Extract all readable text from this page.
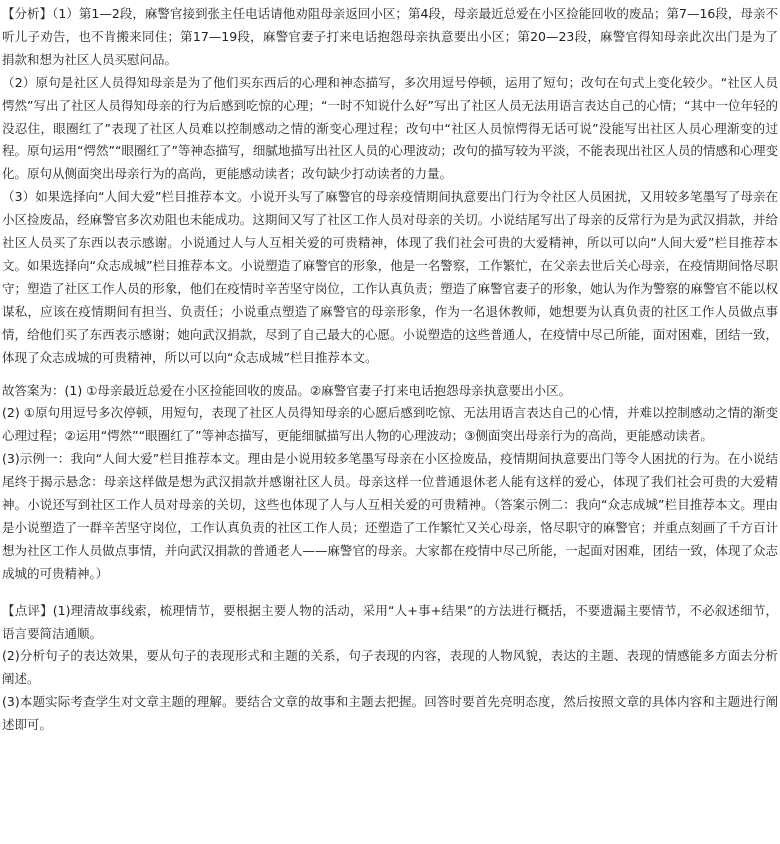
【分析】（1）第1—2段，麻警官接到张主任电话请他劝阻母亲返回小区；第4段，母亲最近总爱在小区捡能回收的废品；第7—16段，母亲不听儿子劝告，也不肯搬来同住；第17—19段，麻警官妻子打来电话抱怨母亲执意要出小区；第20—23段，麻警官得知母亲此次出门是为了捐款和想为社区人员买慰问品。

（2）原句是社区人员得知母亲是为了他们买东西后的心理和神态描写，多次用逗号停顿，运用了短句；改句在句式上变化较少。“社区人员愕然”写出了社区人员得知母亲的行为后感到吃惊的心理；“一时不知说什么好”写出了社区人员无法用语言表达自己的心情；“其中一位年轻的没忍住，眼圈红了”表现了社区人员难以控制感动之情的渐变心理过程；改句中“社区人员惊愕得无话可说”没能写出社区人员心理渐变的过程。原句运用“愕然”“眼圈红了”等神态描写，细腻地描写出社区人员的心理波动；改句的描写较为平淡，不能表现出社区人员的情感和心理变化。原句从侧面突出母亲行为的高尚，更能感动读者；改句缺少打动读者的力量。

（3）如果选择向“人间大爱”栏目推荐本文。小说开头写了麻警官的母亲疫情期间执意要出门行为令社区人员困扰，又用较多笔墨写了母亲在小区捡废品，经麻警官多次劝阻也未能成功。这期间又写了社区工作人员对母亲的关切。小说结尾写出了母亲的反常行为是为武汉捐款，并给社区人员买了东西以表示感谢。小说通过人与人互相关爱的可贵精神，体现了我们社会可贵的大爱精神，所以可以向“人间大爱”栏目推荐本文。如果选择向“众志成城”栏目推荐本文。小说塑造了麻警官的形象，他是一名警察，工作繁忙，在父亲去世后关心母亲，在疫情期间恪尽职守；塑造了社区工作人员的形象，他们在疫情时辛苦坚守岗位，工作认真负责；塑造了麻警官妻子的形象，她认为作为警察的麻警官不能以权谋私，应该在疫情期间有担当、负责任；小说重点塑造了麻警官的母亲形象，作为一名退休教师，她想要为认真负责的社区工作人员做点事情，给他们买了东西表示感谢；她向武汉捐款，尽到了自己最大的心愿。小说塑造的这些普通人，在疫情中尽己所能，面对困难，团结一致，体现了众志成城的可贵精神，所以可以向“众志成城”栏目推荐本文。

故答案为：(1) ①母亲最近总爱在小区捡能回收的废品。②麻警官妻子打来电话抱怨母亲执意要出小区。

(2) ①原句用逗号多次停顿，用短句，表现了社区人员得知母亲的心愿后感到吃惊、无法用语言表达自己的心情，并难以控制感动之情的渐变心理过程；②运用“愕然”“眼圈红了”等神态描写，更能细腻描写出人物的心理波动；③侧面突出母亲行为的高尚，更能感动读者。

(3)示例一：我向“人间大爱”栏目推荐本文。理由是小说用较多笔墨写母亲在小区捡废品，疫情期间执意要出门等令人困扰的行为。在小说结尾终于揭示悬念：母亲这样做是想为武汉捐款并感谢社区人员。母亲这样一位普通退休老人能有这样的爱心，体现了我们社会可贵的大爱精神。小说还写到社区工作人员对母亲的关切，这些也体现了人与人互相关爱的可贵精神。（答案示例二：我向“众志成城”栏目推荐本文。理由是小说塑造了一群辛苦坚守岗位，工作认真负责的社区工作人员；还塑造了工作繁忙又关心母亲，恪尽职守的麻警官；并重点刻画了千方百计想为社区工作人员做点事情，并向武汉捐款的普通老人——麻警官的母亲。大家都在疫情中尽己所能，一起面对困难，团结一致，体现了众志成城的可贵精神。）

【点评】(1)理清故事线索，梳理情节，要根据主要人物的活动，采用“人+事+结果”的方法进行概括，不要遗漏主要情节，不必叙述细节，语言要简洁通顺。

(2)分析句子的表达效果，要从句子的表现形式和主题的关系，句子表现的内容，表现的人物风貌，表达的主题、表现的情感能多方面去分析阐述。

(3)本题实际考查学生对文章主题的理解。要结合文章的故事和主题去把握。回答时要首先亮明态度，然后按照文章的具体内容和主题进行阐述即可。
